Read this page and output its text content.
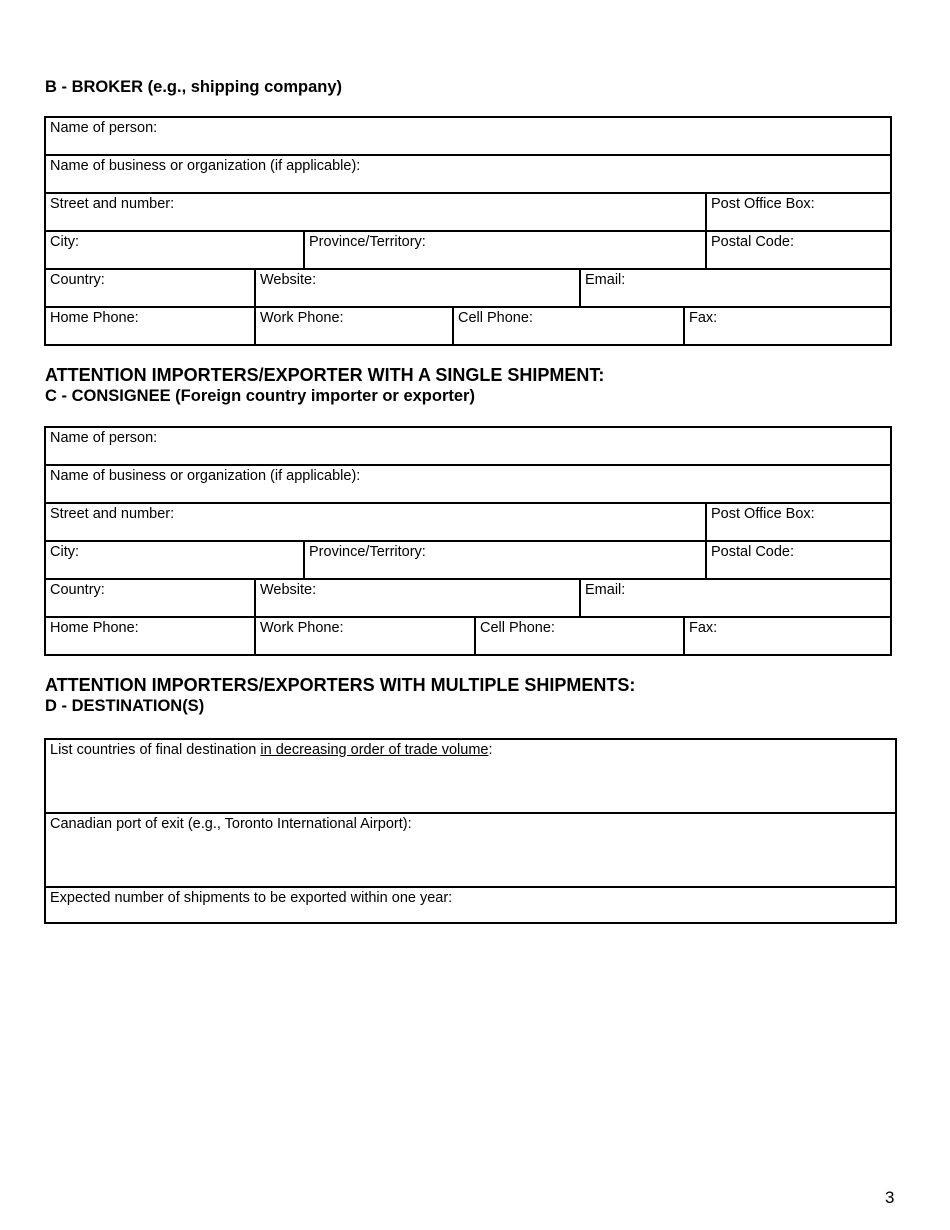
B - BROKER (e.g., shipping company)
Name of person:
Name of business or organization (if applicable):
Street and number:	Post Office Box:
City:	Province/Territory:	Postal Code:
Country:	Website:	Email:
Home Phone:	Work Phone:	Cell Phone:	Fax:
ATTENTION IMPORTERS/EXPORTER WITH A SINGLE SHIPMENT:
C - CONSIGNEE (Foreign country importer or exporter)
Name of person:
Name of business or organization (if applicable):
Street and number:	Post Office Box:
City:	Province/Territory:	Postal Code:
Country:	Website:	Email:
Home Phone:	Work Phone:	Cell Phone:	Fax:
ATTENTION IMPORTERS/EXPORTERS WITH MULTIPLE SHIPMENTS:
D - DESTINATION(S)
List countries of final destination in decreasing order of trade volume:
Canadian port of exit (e.g., Toronto International Airport):
Expected number of shipments to be exported within one year:
3
